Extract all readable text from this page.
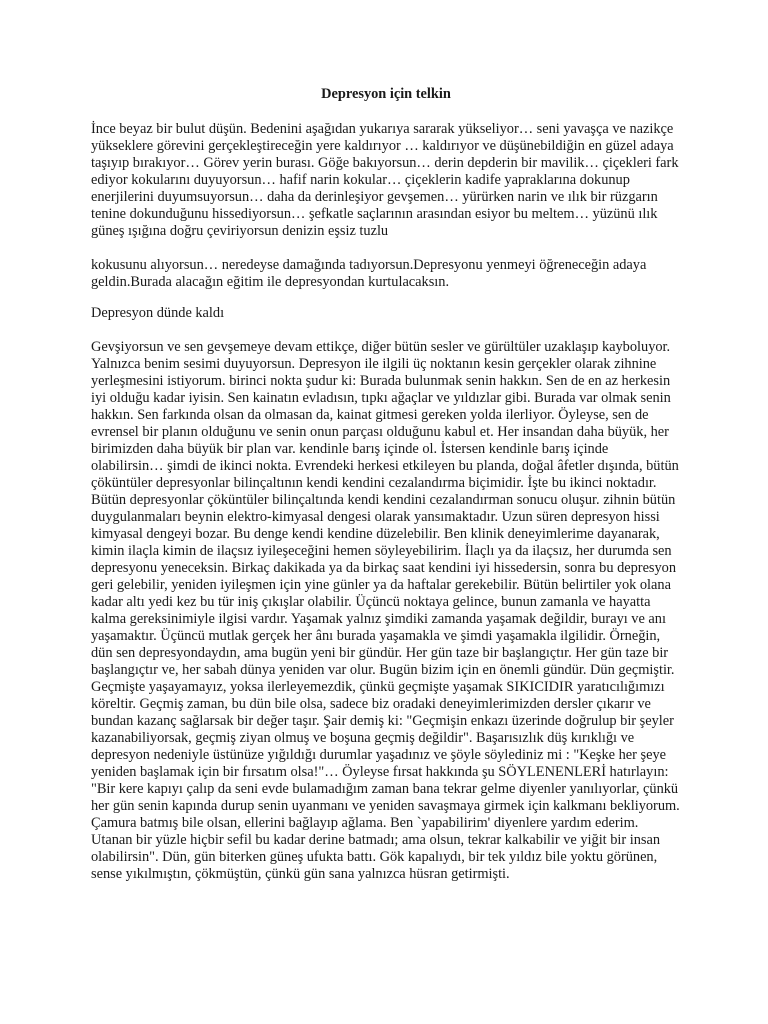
Depresyon için telkin

İnce beyaz bir bulut düşün. Bedenini aşağıdan yukarıya sararak yükseliyor… seni yavaşça ve nazikçe yükseklere görevini gerçekleştireceğin yere kaldırıyor … kaldırıyor ve düşünebildiğin en güzel adaya taşıyıp bırakıyor… Görev yerin burası. Göğe bakıyorsun… derin depderin bir mavilik… çiçekleri fark ediyor kokularını duyuyorsun… hafif narin kokular… çiçeklerin kadife yapraklarına dokunup enerjilerini duyumsuyorsun… daha da derinleşiyor gevşemen… yürürken narin ve ılık bir rüzgarın tenine dokunduğunu hissediyorsun… şefkatle saçlarının arasından esiyor bu meltem… yüzünü ılık güneş ışığına doğru çeviriyorsun denizin eşsiz tuzlu

kokusunu alıyorsun… neredeyse damağında tadıyorsun.Depresyonu yenmeyi öğreneceğin adaya geldin.Burada alacağın eğitim ile depresyondan kurtulacaksın.

Depresyon dünde kaldı

Gevşiyorsun ve sen gevşemeye devam ettikçe, diğer bütün sesler ve gürültüler uzaklaşıp kayboluyor. Yalnızca benim sesimi duyuyorsun. Depresyon ile ilgili üç noktanın kesin gerçekler olarak zihnine yerleşmesini istiyorum. birinci nokta şudur ki: Burada bulunmak senin hakkın. Sen de en az herkesin iyi olduğu kadar iyisin. Sen kainatın evladısın, tıpkı ağaçlar ve yıldızlar gibi. Burada var olmak senin hakkın. Sen farkında olsan da olmasan da, kainat gitmesi gereken yolda ilerliyor. Öyleyse, sen de evrensel bir planın olduğunu ve senin onun parçası olduğunu kabul et. Her insandan daha büyük, her birimizden daha büyük bir plan var. kendinle barış içinde ol. İstersen kendinle barış içinde olabilirsin… şimdi de ikinci nokta. Evrendeki herkesi etkileyen bu planda, doğal âfetler dışında, bütün çöküntüler depresyonlar bilinçaltının kendi kendini cezalandırma biçimidir. İşte bu ikinci noktadır. Bütün depresyonlar çöküntüler bilinçaltında kendi kendini cezalandırman sonucu oluşur. zihnin bütün duygulanmaları beynin elektro-kimyasal dengesi olarak yansımaktadır. Uzun süren depresyon hissi kimyasal dengeyi bozar. Bu denge kendi kendine düzelebilir. Ben klinik deneyimlerime dayanarak, kimin ilaçla kimin de ilaçsız iyileşeceğini hemen söyleyebilirim. İlaçlı ya da ilaçsız, her durumda sen depresyonu yeneceksin. Birkaç dakikada ya da birkaç saat kendini iyi hissedersin, sonra bu depresyon geri gelebilir, yeniden iyileşmen için yine günler ya da haftalar gerekebilir. Bütün belirtiler yok olana kadar altı yedi kez bu tür iniş çıkışlar olabilir. Üçüncü noktaya gelince, bunun zamanla ve hayatta kalma gereksinimiyle ilgisi vardır. Yaşamak yalnız şimdiki zamanda yaşamak değildir, burayı ve anı yaşamaktır. Üçüncü mutlak gerçek her ânı burada yaşamakla ve şimdi yaşamakla ilgilidir. Örneğin, dün sen depresyondaydın, ama bugün yeni bir gündür. Her gün taze bir başlangıçtır. Her gün taze bir başlangıçtır ve, her sabah dünya yeniden var olur. Bugün bizim için en önemli gündür. Dün geçmiştir. Geçmişte yaşayamayız, yoksa ilerleyemezdik, çünkü geçmişte yaşamak SIKICIDIR yaratıcılığımızı köreltir. Geçmiş zaman, bu dün bile olsa, sadece biz oradaki deneyimlerimizden dersler çıkarır ve bundan kazanç sağlarsak bir değer taşır. Şair demiş ki: "Geçmişin enkazı üzerinde doğrulup bir şeyler kazanabiliyorsak, geçmiş ziyan olmuş ve boşuna geçmiş değildir". Başarısızlık düş kırıklığı ve depresyon nedeniyle üstünüze yığıldığı durumlar yaşadınız ve şöyle söylediniz mi : "Keşke her şeye yeniden başlamak için bir fırsatım olsa!"… Öyleyse fırsat hakkında şu SÖYLENENLERİ hatırlayın: "Bir kere kapıyı çalıp da seni evde bulamadığım zaman bana tekrar gelme diyenler yanılıyorlar, çünkü her gün senin kapında durup senin uyanmanı ve yeniden savaşmaya girmek için kalkmanı bekliyorum. Çamura batmış bile olsan, ellerini bağlayıp ağlama. Ben `yapabilirim' diyenlere yardım ederim. Utanan bir yüzle hiçbir sefil bu kadar derine batmadı; ama olsun, tekrar kalkabilir ve yiğit bir insan olabilirsin". Dün, gün biterken güneş ufukta battı. Gök kapalıydı, bir tek yıldız bile yoktu görünen, sense yıkılmıştın, çökmüştün, çünkü gün sana yalnızca hüsran getirmişti.
